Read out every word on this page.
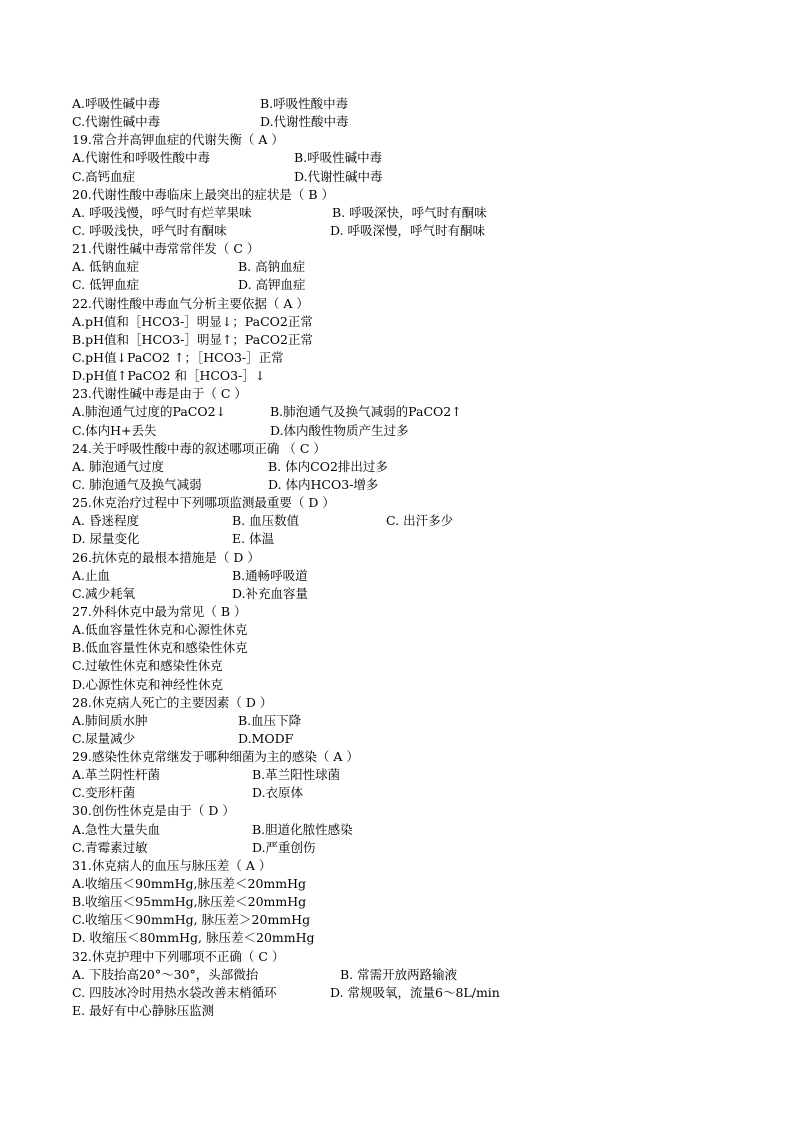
A.呼吸性碱中毒	B.呼吸性酸中毒
C.代谢性碱中毒	D.代谢性酸中毒
19.常合并高钾血症的代谢失衡（ A ）
A.代谢性和呼吸性酸中毒	B.呼吸性碱中毒
C.高钙血症	D.代谢性碱中毒
20.代谢性酸中毒临床上最突出的症状是（ B ）
A. 呼吸浅慢，呼气时有烂苹果味	B. 呼吸深快，呼气时有酮味
C. 呼吸浅快，呼气时有酮味	D. 呼吸深慢，呼气时有酮味
21.代谢性碱中毒常常伴发（ C ）
A. 低钠血症	B. 高钠血症
C. 低钾血症	D. 高钾血症
22.代谢性酸中毒血气分析主要依据（ A ）
A.pH值和［HCO3-］明显↓；PaCO2正常
B.pH值和［HCO3-］明显↑；PaCO2正常
C.pH值↓PaCO2 ↑；［HCO3-］正常
D.pH值↑PaCO2 和［HCO3-］↓
23.代谢性碱中毒是由于（ C ）
A.肺泡通气过度的PaCO2↓	B.肺泡通气及换气减弱的PaCO2↑
C.体内H+丢失	D.体内酸性物质产生过多
24.关于呼吸性酸中毒的叙述哪项正确 （ C ）
A. 肺泡通气过度	B. 体内CO2排出过多
C. 肺泡通气及换气减弱	D. 体内HCO3-增多
25.休克治疗过程中下列哪项监测最重要（ D ）
A. 昏迷程度	B. 血压数值	C. 出汗多少
D. 尿量变化	E. 体温
26.抗休克的最根本措施是（ D ）
A.止血	B.通畅呼吸道
C.减少耗氧	D.补充血容量
27.外科休克中最为常见（ B ）
A.低血容量性休克和心源性休克
B.低血容量性休克和感染性休克
C.过敏性休克和感染性休克
D.心源性休克和神经性休克
28.休克病人死亡的主要因素（ D ）
A.肺间质水肿	B.血压下降
C.尿量减少	D.MODF
29.感染性休克常继发于哪种细菌为主的感染（ A ）
A.革兰阴性杆菌	B.革兰阳性球菌
C.变形杆菌	D.衣原体
30.创伤性休克是由于（ D ）
A.急性大量失血	B.胆道化脓性感染
C.青霉素过敏	D.严重创伤
31.休克病人的血压与脉压差（ A ）
A.收缩压＜90mmHg,脉压差＜20mmHg
B.收缩压＜95mmHg,脉压差＜20mmHg
C.收缩压＜90mmHg, 脉压差＞20mmHg
D. 收缩压＜80mmHg, 脉压差＜20mmHg
32.休克护理中下列哪项不正确（ C ）
A. 下肢抬高20°～30°，头部微抬	B. 常需开放两路输液
C. 四肢冰冷时用热水袋改善末梢循环	D. 常规吸氧，流量6～8L/min
E. 最好有中心静脉压监测
